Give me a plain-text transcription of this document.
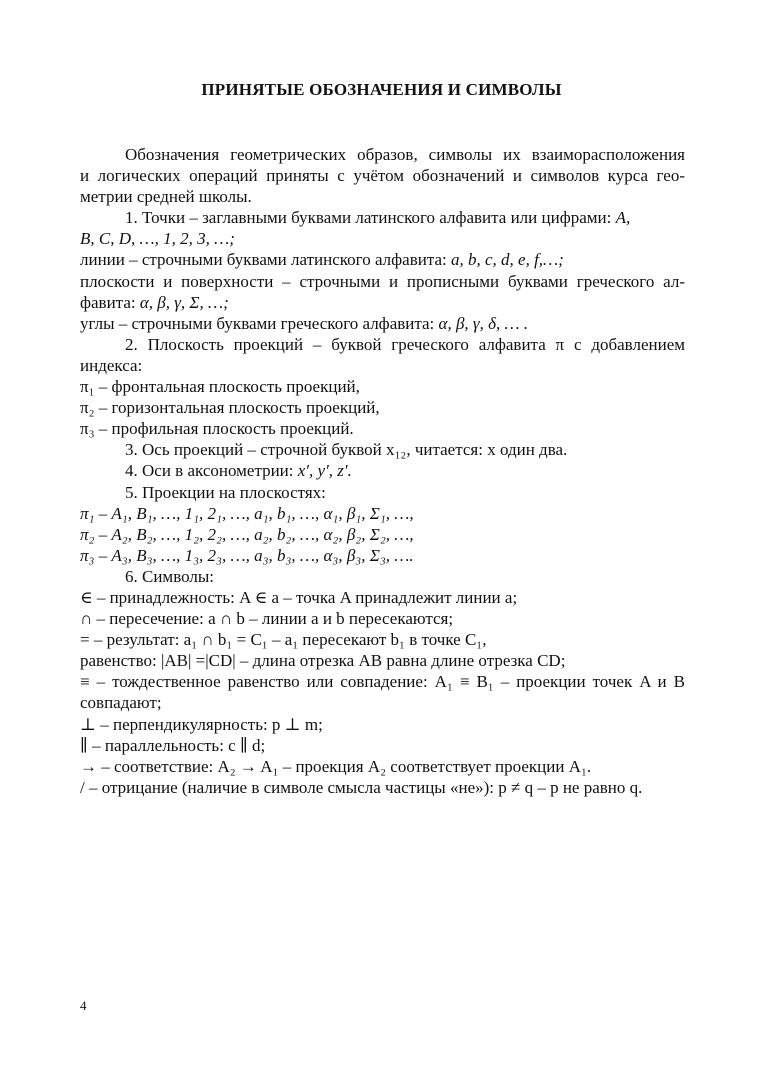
ПРИНЯТЫЕ ОБОЗНАЧЕНИЯ И СИМВОЛЫ
Обозначения геометрических образов, символы их взаиморасположения
и логических операций приняты с учётом обозначений и символов курса гео-
метрии средней школы.
1. Точки – заглавными буквами латинского алфавита или цифрами: A,
B, C, D, …, 1, 2, 3, …;
линии – строчными буквами латинского алфавита: a, b, c, d, e, f,…;
плоскости и поверхности – строчными и прописными буквами греческого ал-
фавита: α, β, γ, Σ, …;
углы – строчными буквами греческого алфавита: α, β, γ, δ, … .
2. Плоскость проекций – буквой греческого алфавита π с добавлением
индекса:
π₁ – фронтальная плоскость проекций,
π₂ – горизонтальная плоскость проекций,
π₃ – профильная плоскость проекций.
3. Ось проекций – строчной буквой x₁₂, читается: x один два.
4. Оси в аксонометрии: x′, y′, z′.
5. Проекции на плоскостях:
π₁ – A₁, B₁, …, 1₁, 2₁, …, a₁, b₁, …, α₁, β₁, Σ₁, …,
π₂ – A₂, B₂, …, 1₂, 2₂, …, a₂, b₂, …, α₂, β₂, Σ₂, …,
π₃ – A₃, B₃, …, 1₃, 2₃, …, a₃, b₃, …, α₃, β₃, Σ₃, ….
6. Символы:
∈ – принадлежность: A ∈ a – точка A принадлежит линии a;
∩ – пересечение: a ∩ b – линии a и b пересекаются;
= – результат: a₁ ∩ b₁ = C₁ – a₁ пересекают b₁ в точке C₁,
равенство: |AB| =|CD| – длина отрезка AB равна длине отрезка CD;
≡ – тождественное равенство или совпадение: A₁ ≡ B₁ – проекции точек A и B
совпадают;
⊥ – перпендикулярность: p ⊥ m;
∥ – параллельность: c ∥ d;
→ – соответствие: A₂ → A₁ – проекция A₂ соответствует проекции A₁.
/ – отрицание (наличие в символе смысла частицы «не»): p ≠ q – p не равно q.
4
